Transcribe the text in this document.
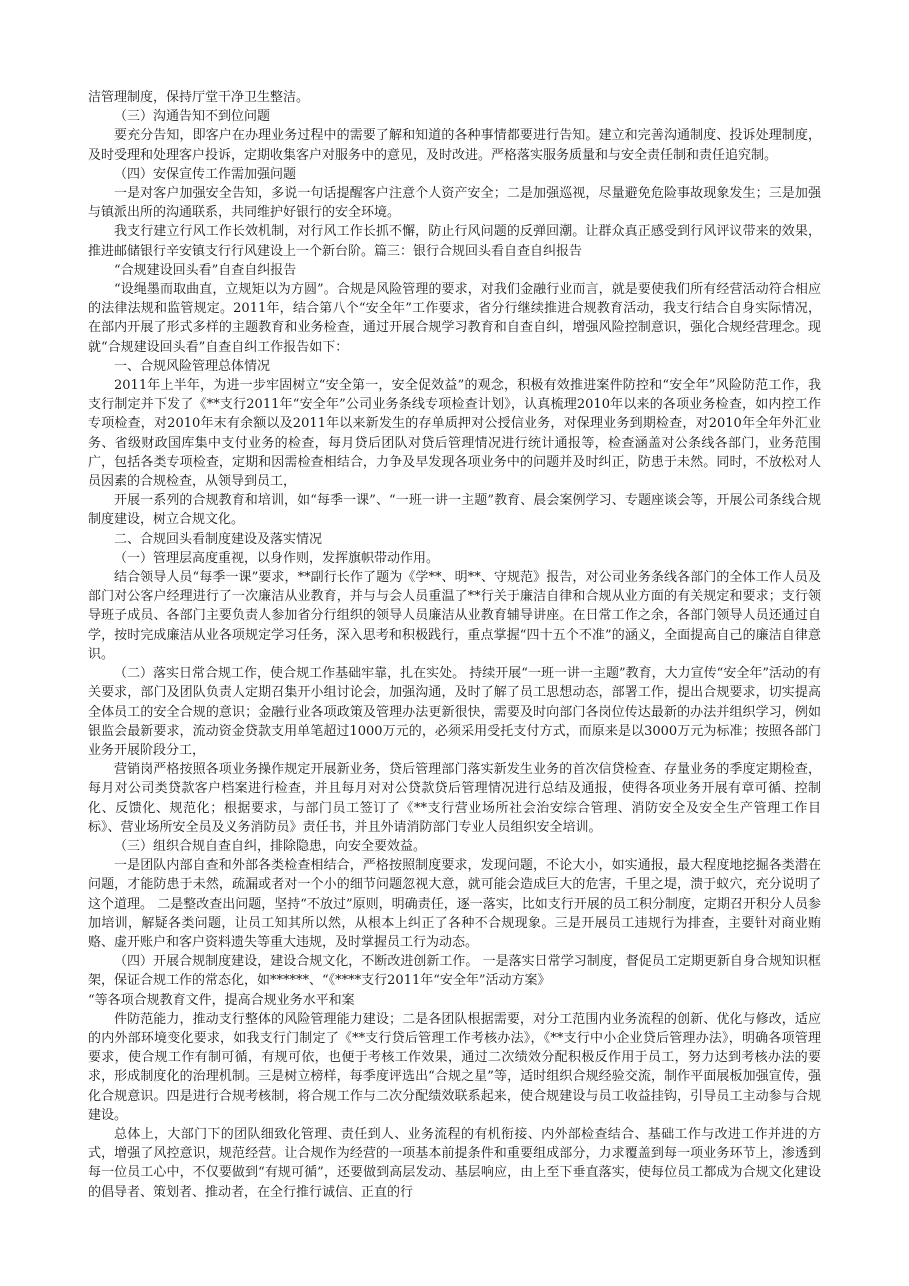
洁管理制度，保持厅堂干净卫生整洁。

（三）沟通告知不到位问题

要充分告知，即客户在办理业务过程中的需要了解和知道的各种事情都要进行告知。建立和完善沟通制度、投诉处理制度，及时受理和处理客户投诉，定期收集客户对服务中的意见，及时改进。严格落实服务质量和与安全责任制和责任追究制。

（四）安保宣传工作需加强问题

一是对客户加强安全告知，多说一句话提醒客户注意个人资产安全；二是加强巡视，尽量避免危险事故现象发生；三是加强与镇派出所的沟通联系，共同维护好银行的安全环境。

我支行建立行风工作长效机制，对行风工作长抓不懈，防止行风问题的反弹回潮。让群众真正感受到行风评议带来的效果，推进邮储银行辛安镇支行行风建设上一个新台阶。篇三：银行合规回头看自查自纠报告

“合规建设回头看”自查自纠报告

“设绳墨而取曲直，立规矩以为方圆”。合规是风险管理的要求，对我们金融行业而言，就是要使我们所有经营活动符合相应的法律法规和监管规定。2011年，结合第八个“安全年”工作要求，省分行继续推进合规教育活动，我支行结合自身实际情况，在部内开展了形式多样的主题教育和业务检查，通过开展合规学习教育和自查自纠，增强风险控制意识，强化合规经营理念。现就“合规建设回头看”自查自纠工作报告如下：

一、合规风险管理总体情况

2011年上半年，为进一步牢固树立“安全第一，安全促效益”的观念，积极有效推进案件防控和“安全年”风险防范工作，我支行制定并下发了《**支行2011年“安全年”公司业务条线专项检查计划》，认真梳理2010年以来的各项业务检查，如内控工作专项检查，对2010年末有余额以及2011年以来新发生的存单质押对公授信业务，对保理业务到期检查，对2010年全年外汇业务、省级财政国库集中支付业务的检查，每月贷后团队对贷后管理情况进行统计通报等，检查涵盖对公条线各部门，业务范围广，包括各类专项检查，定期和因需检查相结合，力争及早发现各项业务中的问题并及时纠正，防患于未然。同时，不放松对人员因素的合规检查，从领导到员工，

开展一系列的合规教育和培训，如“每季一课”、“一班一讲一主题”教育、晨会案例学习、专题座谈会等，开展公司条线合规制度建设，树立合规文化。

二、合规回头看制度建设及落实情况

（一）管理层高度重视，以身作则，发挥旗帜带动作用。

结合领导人员“每季一课”要求，**副行长作了题为《学**、明**、守规范》报告，对公司业务条线各部门的全体工作人员及部门对公客户经理进行了一次廉洁从业教育，并与与会人员重温了**行关于廉洁自律和合规从业方面的有关规定和要求；支行领导班子成员、各部门主要负责人参加省分行组织的领导人员廉洁从业教育辅导讲座。在日常工作之余，各部门领导人员还通过自学，按时完成廉洁从业各项规定学习任务，深入思考和积极践行，重点掌握“四十五个不准”的涵义，全面提高自己的廉洁自律意识。

（二）落实日常合规工作，使合规工作基础牢靠，扎在实处。 持续开展“一班一讲一主题”教育，大力宣传“安全年”活动的有关要求，部门及团队负责人定期召集开小组讨论会，加强沟通，及时了解了员工思想动态，部署工作，提出合规要求，切实提高全体员工的安全合规的意识；金融行业各项政策及管理办法更新很快，需要及时向部门各岗位传达最新的办法并组织学习，例如银监会最新要求，流动资金贷款支用单笔超过1000万元的，必须采用受托支付方式，而原来是以3000万元为标准；按照各部门业务开展阶段分工，

营销岗严格按照各项业务操作规定开展新业务，贷后管理部门落实新发生业务的首次信贷检查、存量业务的季度定期检查，每月对公司类贷款客户档案进行检查，并且每月对对公贷款贷后管理情况进行总结及通报，使得各项业务开展有章可循、控制化、反馈化、规范化；根据要求，与部门员工签订了《**支行营业场所社会治安综合管理、消防安全及安全生产管理工作目标》、营业场所安全员及义务消防员》责任书，并且外请消防部门专业人员组织安全培训。

（三）组织合规自查自纠，排除隐患，向安全要效益。

一是团队内部自查和外部各类检查相结合，严格按照制度要求，发现问题，不论大小，如实通报，最大程度地挖掘各类潜在问题，才能防患于未然，疏漏或者对一个小的细节问题忽视大意，就可能会造成巨大的危害，千里之堤，溃于蚁穴，充分说明了这个道理。 二是整改查出问题，坚持“不放过”原则，明确责任，逐一落实，比如支行开展的员工积分制度，定期召开积分人员参加培训，解疑各类问题，让员工知其所以然，从根本上纠正了各种不合规现象。三是开展员工违规行为排查，主要针对商业贿赂、虚开账户和客户资料遗失等重大违规，及时掌握员工行为动态。

（四）开展合规制度建设，建设合规文化，不断改进创新工作。 一是落实日常学习制度，督促员工定期更新自身合规知识框架，保证合规工作的常态化，如******、“《****支行2011年“安全年”活动方案》

“等各项合规教育文件，提高合规业务水平和案

件防范能力，推动支行整体的风险管理能力建设；二是各团队根据需要，对分工范围内业务流程的创新、优化与修改，适应的内外部环境变化要求，如我支行门制定了《**支行贷后管理工作考核办法》，《**支行中小企业贷后管理办法》，明确各项管理要求，使合规工作有制可循，有规可依，也便于考核工作效果，通过二次绩效分配积极反作用于员工，努力达到考核办法的要求，形成制度化的治理机制。三是树立榜样，每季度评选出“合规之星”等，适时组织合规经验交流，制作平面展板加强宣传，强化合规意识。四是进行合规考核制，将合规工作与二次分配绩效联系起来，使合规建设与员工收益挂钩，引导员工主动参与合规建设。

总体上，大部门下的团队细致化管理、责任到人、业务流程的有机衔接、内外部检查结合、基础工作与改进工作并进的方式，增强了风控意识，规范经营。让合规作为经营的一项基本前提条件和重要组成部分，力求覆盖到每一项业务环节上，渗透到每一位员工心中，不仅要做到“有规可循”，还要做到高层发动、基层响应，由上至下垂直落实，使每位员工都成为合规文化建设的倡导者、策划者、推动者，在全行推行诚信、正直的行
